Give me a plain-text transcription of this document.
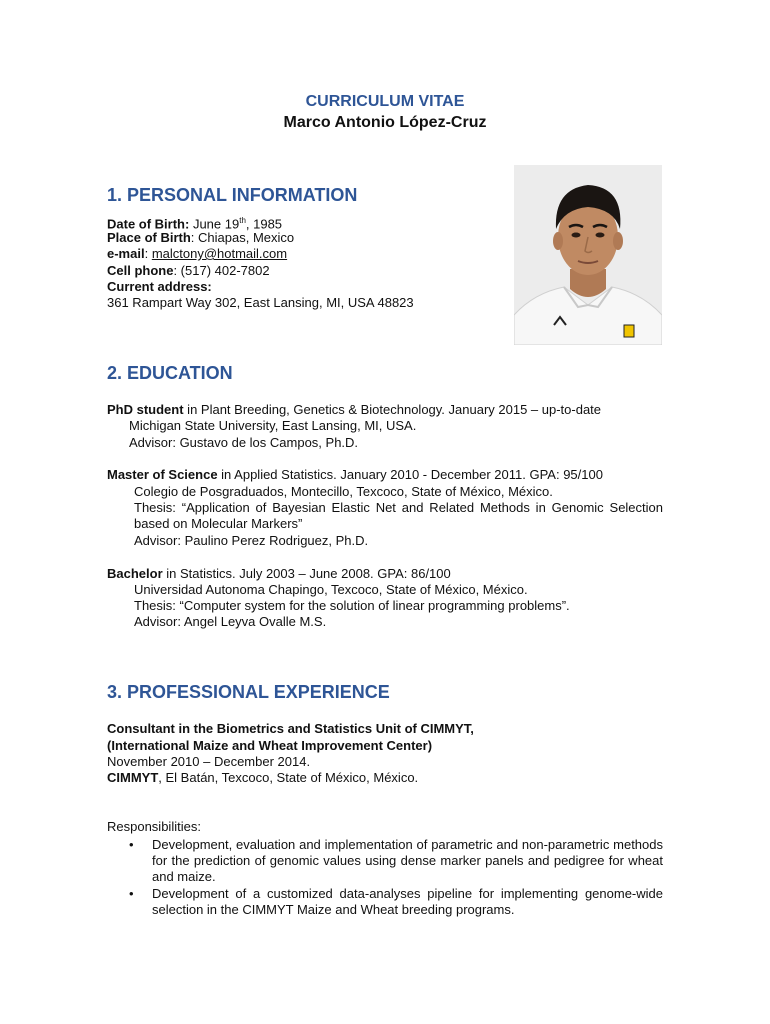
CURRICULUM VITAE
Marco Antonio López-Cruz
1. PERSONAL INFORMATION
Date of Birth: June 19th, 1985
Place of Birth: Chiapas, Mexico
e-mail: malctony@hotmail.com
Cell phone: (517) 402-7802
Current address:
361 Rampart Way 302, East Lansing, MI, USA 48823
2. EDUCATION
PhD student in Plant Breeding, Genetics & Biotechnology. January 2015 – up-to-date
Michigan State University, East Lansing, MI, USA.
Advisor: Gustavo de los Campos, Ph.D.
Master of Science in Applied Statistics. January 2010 - December 2011. GPA: 95/100
Colegio de Posgraduados, Montecillo, Texcoco, State of México, México.
Thesis: “Application of Bayesian Elastic Net and Related Methods in Genomic Selection based on Molecular Markers”
Advisor: Paulino Perez Rodriguez, Ph.D.
Bachelor in Statistics. July 2003 – June 2008. GPA: 86/100
Universidad Autonoma Chapingo, Texcoco, State of México, México.
Thesis: “Computer system for the solution of linear programming problems”.
Advisor: Angel Leyva Ovalle M.S.
3. PROFESSIONAL EXPERIENCE
Consultant in the Biometrics and Statistics Unit of CIMMYT,
(International Maize and Wheat Improvement Center)
November 2010 – December 2014.
CIMMYT, El Batán, Texcoco, State of México, México.
Responsibilities:
• Development, evaluation and implementation of parametric and non-parametric methods for the prediction of genomic values using dense marker panels and pedigree for wheat and maize.
• Development of a customized data-analyses pipeline for implementing genome-wide selection in the CIMMYT Maize and Wheat breeding programs.
